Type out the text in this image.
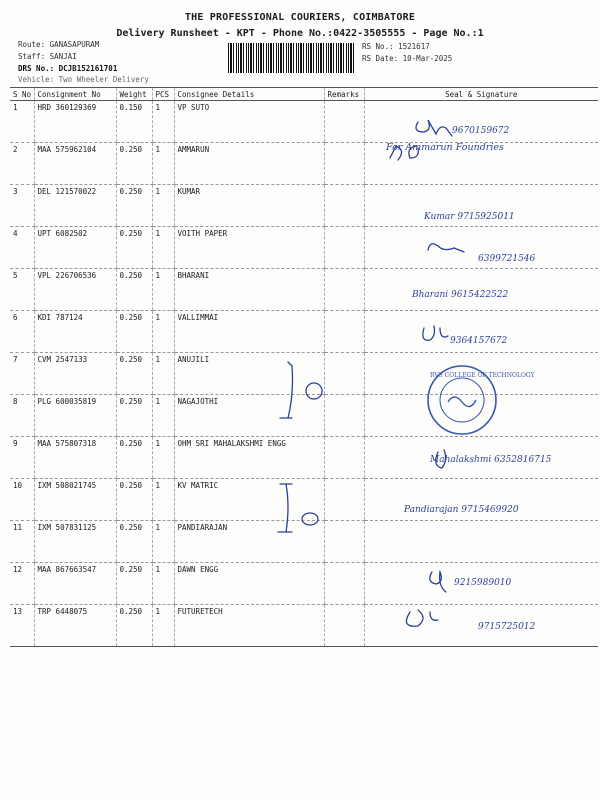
THE PROFESSIONAL COURIERS, COIMBATORE
Delivery Runsheet - KPT - Phone No.:0422-3505555 - Page No.:1
Route: GANASAPURAM
Staff: SANJAI
DRS No.: DCJB152161701
Vehicle: Two Wheeler Delivery
RS No.: 1521617
RS Date: 10-Mar-2025
S No	Consignment No	Weight	PCS	Consignee Details	Remarks	Seal & Signature
1	HRD 360129369	0.150	1	VP SUTO		
2	MAA 575962104	0.250	1	AMMARUN		
3	DEL 121570022	0.250	1	KUMAR		
4	UPT 6082502	0.250	1	VOITH PAPER		
5	VPL 226706536	0.250	1	BHARANI		
6	KDI 787124	0.250	1	VALLIMMAI		
7	CVM 2547133	0.250	1	ANUJILI		
8	PLG 600035819	0.250	1	NAGAJOTHI		
9	MAA 575807318	0.250	1	OHM SRI MAHALAKSHMI ENGG		
10	IXM 508021745	0.250	1	KV MATRIC		
11	IXM 507831125	0.250	1	PANDIARAJAN		
12	MAA 867663547	0.250	1	DAWN ENGG		
13	TRP 6448075	0.250	1	FUTURETECH		
9670159672
For Ammarun Foundries
Kumar 9715925011
6399721546
Bharani 9615422522
9364157672
Mahalakshmi 6352816715
Pandiarajan 9715469920
9215989010
9715725012
RVS COLLEGE OF TECHNOLOGY
